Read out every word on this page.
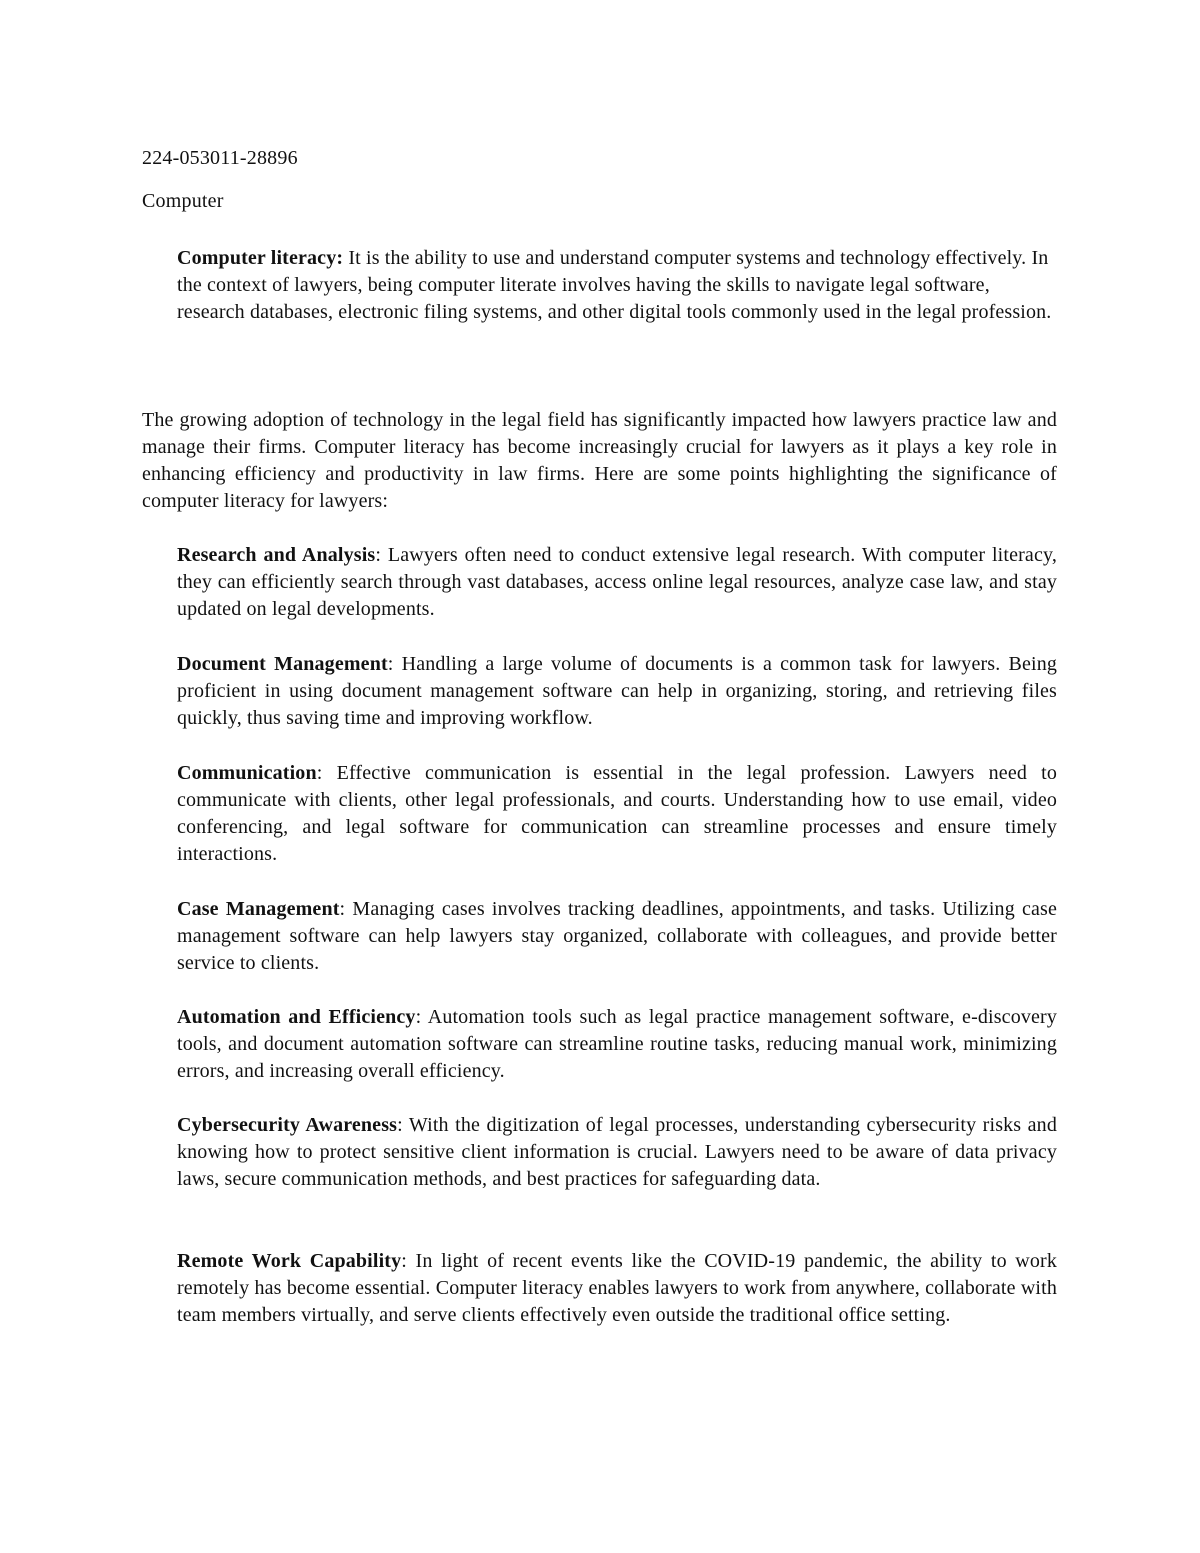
224-053011-28896
Computer

Computer literacy: It is the ability to use and understand computer systems and technology effectively. In the context of lawyers, being computer literate involves having the skills to navigate legal software, research databases, electronic filing systems, and other digital tools commonly used in the legal profession.

The growing adoption of technology in the legal field has significantly impacted how lawyers practice law and manage their firms. Computer literacy has become increasingly crucial for lawyers as it plays a key role in enhancing efficiency and productivity in law firms. Here are some points highlighting the significance of computer literacy for lawyers:

Research and Analysis: Lawyers often need to conduct extensive legal research. With computer literacy, they can efficiently search through vast databases, access online legal resources, analyze case law, and stay updated on legal developments.

Document Management: Handling a large volume of documents is a common task for lawyers. Being proficient in using document management software can help in organizing, storing, and retrieving files quickly, thus saving time and improving workflow.

Communication: Effective communication is essential in the legal profession. Lawyers need to communicate with clients, other legal professionals, and courts. Understanding how to use email, video conferencing, and legal software for communication can streamline processes and ensure timely interactions.

Case Management: Managing cases involves tracking deadlines, appointments, and tasks. Utilizing case management software can help lawyers stay organized, collaborate with colleagues, and provide better service to clients.

Automation and Efficiency: Automation tools such as legal practice management software, e-discovery tools, and document automation software can streamline routine tasks, reducing manual work, minimizing errors, and increasing overall efficiency.

Cybersecurity Awareness: With the digitization of legal processes, understanding cybersecurity risks and knowing how to protect sensitive client information is crucial. Lawyers need to be aware of data privacy laws, secure communication methods, and best practices for safeguarding data.

Remote Work Capability: In light of recent events like the COVID-19 pandemic, the ability to work remotely has become essential. Computer literacy enables lawyers to work from anywhere, collaborate with team members virtually, and serve clients effectively even outside the traditional office setting.
